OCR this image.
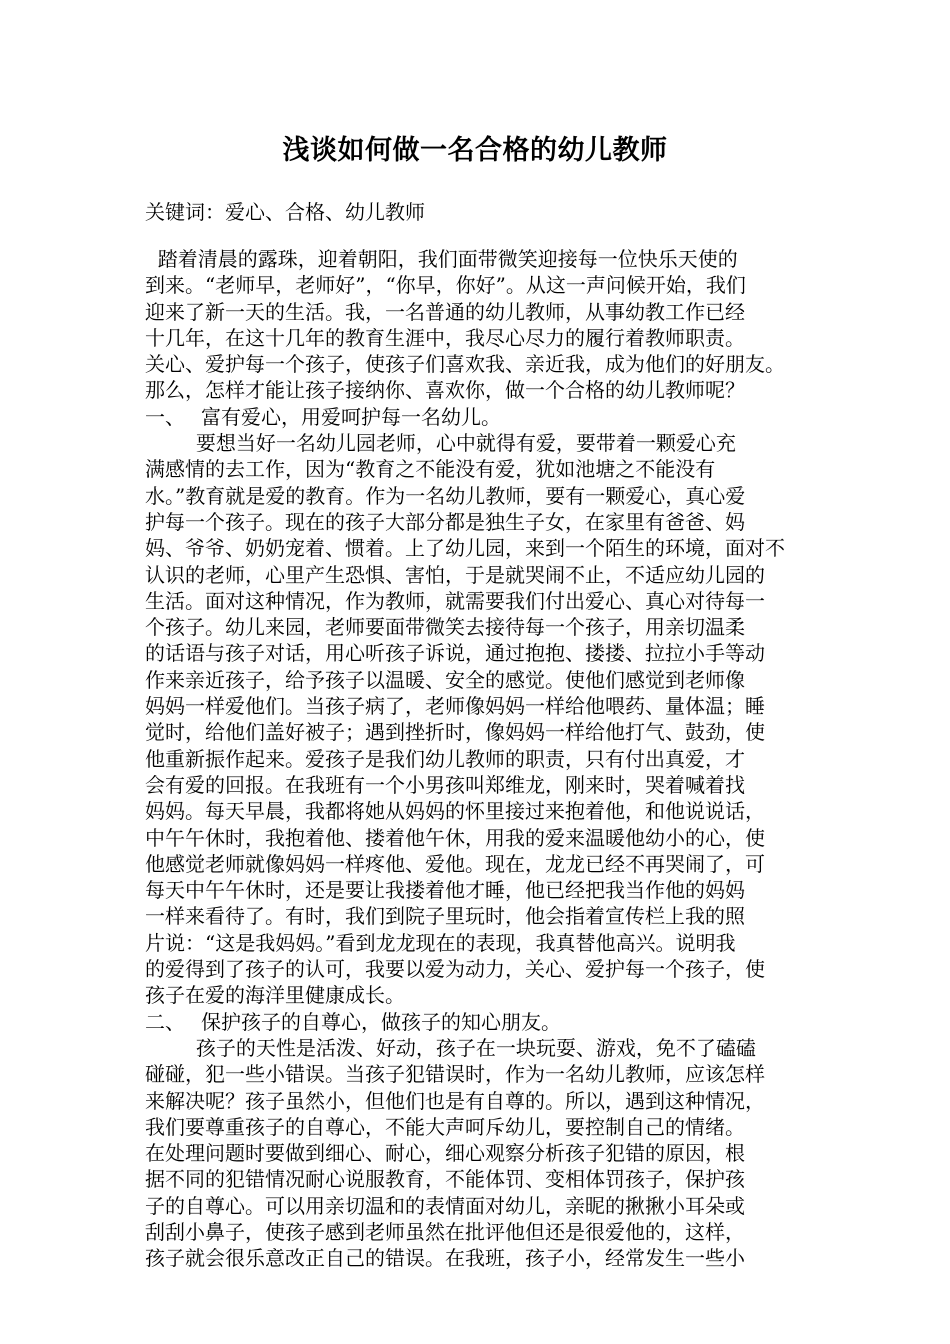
浅谈如何做一名合格的幼儿教师
关键词：爱心、合格、幼儿教师
踏着清晨的露珠，迎着朝阳，我们面带微笑迎接每一位快乐天使的
到来。“老师早，老师好”，“你早，你好”。从这一声问候开始，我们
迎来了新一天的生活。我，一名普通的幼儿教师，从事幼教工作已经
十几年，在这十几年的教育生涯中，我尽心尽力的履行着教师职责。
关心、爱护每一个孩子，使孩子们喜欢我、亲近我，成为他们的好朋友。
那么，怎样才能让孩子接纳你、喜欢你，做一个合格的幼儿教师呢？
一、 富有爱心，用爱呵护每一名幼儿。
要想当好一名幼儿园老师，心中就得有爱，要带着一颗爱心充
满感情的去工作，因为“教育之不能没有爱，犹如池塘之不能没有
水。”教育就是爱的教育。作为一名幼儿教师，要有一颗爱心，真心爱
护每一个孩子。现在的孩子大部分都是独生子女，在家里有爸爸、妈
妈、爷爷、奶奶宠着、惯着。上了幼儿园，来到一个陌生的环境，面对不
认识的老师，心里产生恐惧、害怕，于是就哭闹不止，不适应幼儿园的
生活。面对这种情况，作为教师，就需要我们付出爱心、真心对待每一
个孩子。幼儿来园，老师要面带微笑去接待每一个孩子，用亲切温柔
的话语与孩子对话，用心听孩子诉说，通过抱抱、搂搂、拉拉小手等动
作来亲近孩子，给予孩子以温暖、安全的感觉。使他们感觉到老师像
妈妈一样爱他们。当孩子病了，老师像妈妈一样给他喂药、量体温；睡
觉时，给他们盖好被子；遇到挫折时，像妈妈一样给他打气、鼓劲，使
他重新振作起来。爱孩子是我们幼儿教师的职责，只有付出真爱，才
会有爱的回报。在我班有一个小男孩叫郑维龙，刚来时，哭着喊着找
妈妈。每天早晨，我都将她从妈妈的怀里接过来抱着他，和他说说话，
中午午休时，我抱着他、搂着他午休，用我的爱来温暖他幼小的心，使
他感觉老师就像妈妈一样疼他、爱他。现在，龙龙已经不再哭闹了，可
每天中午午休时，还是要让我搂着他才睡，他已经把我当作他的妈妈
一样来看待了。有时，我们到院子里玩时，他会指着宣传栏上我的照
片说：“这是我妈妈。”看到龙龙现在的表现，我真替他高兴。说明我
的爱得到了孩子的认可，我要以爱为动力，关心、爱护每一个孩子，使
孩子在爱的海洋里健康成长。
二、 保护孩子的自尊心，做孩子的知心朋友。
孩子的天性是活泼、好动，孩子在一块玩耍、游戏，免不了磕磕
碰碰，犯一些小错误。当孩子犯错误时，作为一名幼儿教师，应该怎样
来解决呢？孩子虽然小，但他们也是有自尊的。所以，遇到这种情况，
我们要尊重孩子的自尊心，不能大声呵斥幼儿，要控制自己的情绪。
在处理问题时要做到细心、耐心，细心观察分析孩子犯错的原因，根
据不同的犯错情况耐心说服教育，不能体罚、变相体罚孩子，保护孩
子的自尊心。可以用亲切温和的表情面对幼儿，亲昵的揪揪小耳朵或
刮刮小鼻子，使孩子感到老师虽然在批评他但还是很爱他的，这样，
孩子就会很乐意改正自己的错误。在我班，孩子小，经常发生一些小
